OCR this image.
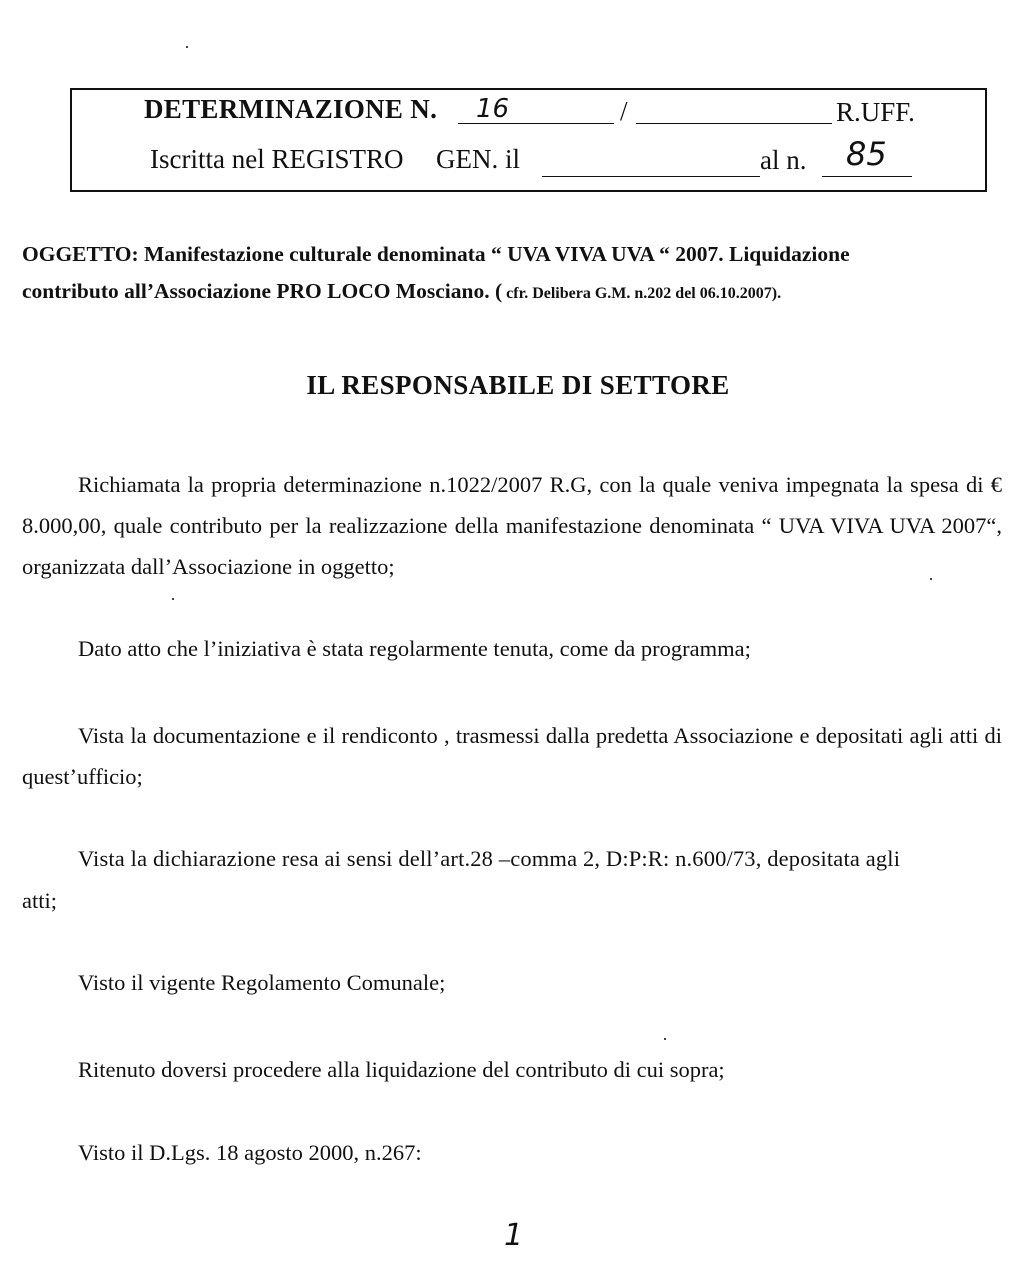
DETERMINAZIONE N. 16	/	R.UFF.
Iscritta nel REGISTRO GEN. il	al n. 85
OGGETTO: Manifestazione culturale denominata “ UVA VIVA UVA “ 2007. Liquidazione
contributo all’Associazione PRO LOCO Mosciano. ( cfr. Delibera G.M. n.202 del 06.10.2007).
IL RESPONSABILE DI SETTORE
Richiamata la propria determinazione n.1022/2007 R.G, con la quale veniva impegnata la spesa di € 8.000,00, quale contributo per la realizzazione della manifestazione denominata “ UVA VIVA UVA 2007“, organizzata dall’Associazione in oggetto;
Dato atto che l’iniziativa è stata regolarmente tenuta, come da programma;
Vista la documentazione e il rendiconto , trasmessi dalla predetta Associazione e depositati agli atti di quest’ufficio;
Vista la dichiarazione resa ai sensi dell’art.28 –comma 2, D:P:R: n.600/73, depositata agli
atti;
Visto il vigente Regolamento Comunale;
Ritenuto doversi procedere alla liquidazione del contributo di cui sopra;
Visto il D.Lgs. 18 agosto 2000, n.267:
1
